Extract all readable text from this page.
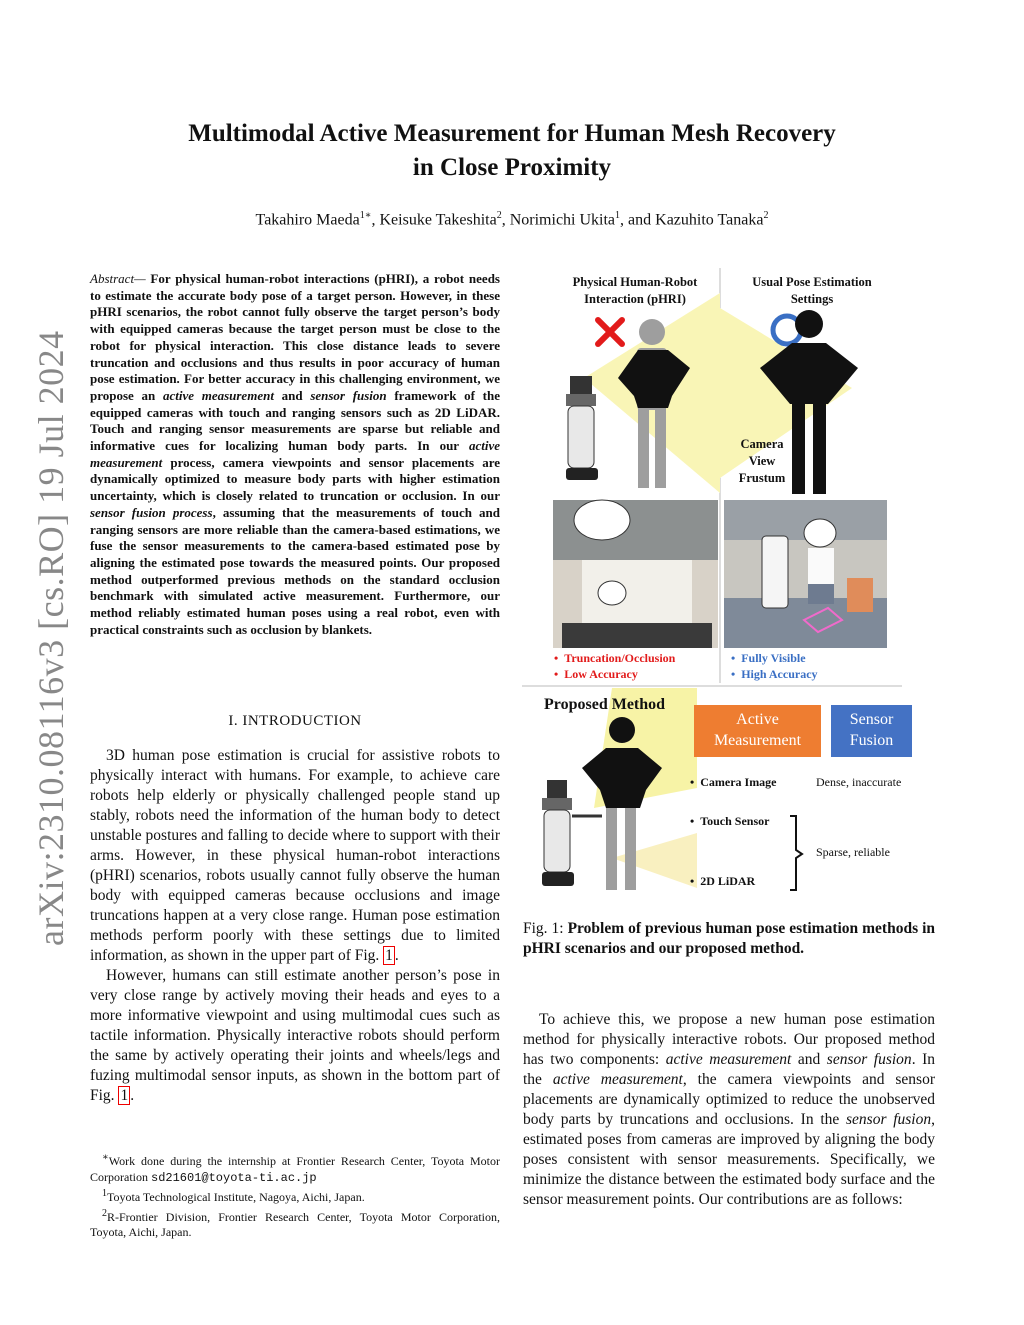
arXiv:2310.08116v3 [cs.RO] 19 Jul 2024
Multimodal Active Measurement for Human Mesh Recovery
in Close Proximity
Takahiro Maeda$^{1∗}$, Keisuke Takeshita$^2$, Norimichi Ukita$^1$, and Kazuhito Tanaka$^2$
Abstract— For physical human-robot interactions (pHRI), a robot needs to estimate the accurate body pose of a target person. However, in these pHRI scenarios, the robot cannot fully observe the target person’s body with equipped cameras because the target person must be close to the robot for physical interaction. This close distance leads to severe truncation and occlusions and thus results in poor accuracy of human pose estimation. For better accuracy in this challenging environment, we propose an active measurement and sensor fusion framework of the equipped cameras with touch and ranging sensors such as 2D LiDAR. Touch and ranging sensor measurements are sparse but reliable and informative cues for localizing human body parts. In our active measurement process, camera viewpoints and sensor placements are dynamically optimized to measure body parts with higher estimation uncertainty, which is closely related to truncation or occlusion. In our sensor fusion process, assuming that the measurements of touch and ranging sensors are more reliable than the camera-based estimations, we fuse the sensor measurements to the camera-based estimated pose by aligning the estimated pose towards the measured points. Our proposed method outperformed previous methods on the standard occlusion benchmark with simulated active measurement. Furthermore, our method reliably estimated human poses using a real robot, even with practical constraints such as occlusion by blankets.
I. INTRODUCTION

3D human pose estimation is crucial for assistive robots to physically interact with humans. For example, to achieve care robots help elderly or physically challenged people stand up stably, robots need the information of the human body to detect unstable postures and falling to decide where to support with their arms. However, in these physical human-robot interactions (pHRI) scenarios, robots usually cannot fully observe the human body with equipped cameras because occlusions and image truncations happen at a very close range. Human pose estimation methods perform poorly with these settings due to limited information, as shown in the upper part of Fig. 1 .

However, humans can still estimate another person’s pose in very close range by actively moving their heads and eyes to a more informative viewpoint and using multimodal cues such as tactile information. Physically interactive robots should perform the same by actively operating their joints and wheels/legs and fuzing multimodal sensor inputs, as shown in the bottom part of Fig. 1 .

∗Work done during the internship at Frontier Research Center, Toyota Motor Corporation sd21601@toyota-ti.ac.jp
$^1$Toyota Technological Institute, Nagoya, Aichi, Japan.
$^2$R-Frontier Division, Frontier Research Center, Toyota Motor Corporation, Toyota, Aichi, Japan.
Physical Human-Robot
Interaction (pHRI)
Usual Pose Estimation
Settings
Camera
View
Frustum
• Truncation/Occlusion
• Low Accuracy
• Fully Visible
• High Accuracy
Proposed Method
Active
Measurement
Sensor
Fusion
• Camera Image	Dense, inaccurate
• Touch Sensor
• 2D LiDAR
Sparse, reliable
Fig. 1: Problem of previous human pose estimation methods in pHRI scenarios and our proposed method.

To achieve this, we propose a new human pose estimation method for physically interactive robots. Our proposed method has two components: active measurement and sensor fusion. In the active measurement, the camera viewpoints and sensor placements are dynamically optimized to reduce the unobserved body parts by truncations and occlusions. In the sensor fusion, estimated poses from cameras are improved by aligning the body poses consistent with sensor measurements. Specifically, we minimize the distance between the estimated body surface and the sensor measurement points. Our contributions are as follows:
